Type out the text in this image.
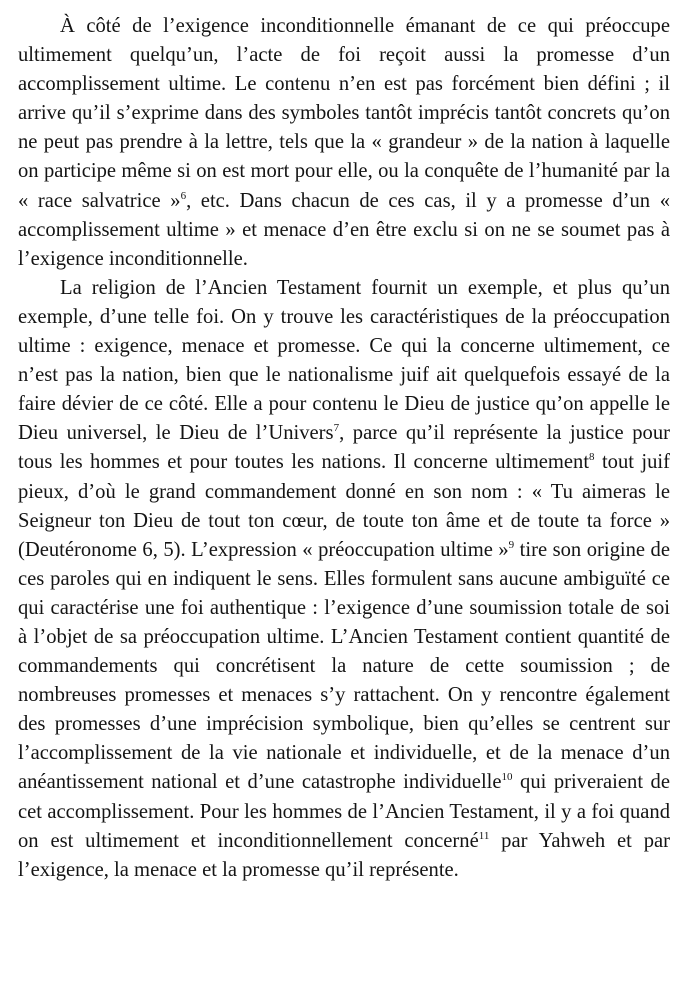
À côté de l’exigence inconditionnelle émanant de ce qui préoccupe ultimement quelqu’un, l’acte de foi reçoit aussi la promesse d’un accomplissement ultime. Le contenu n’en est pas forcément bien défini ; il arrive qu’il s’exprime dans des symboles tantôt imprécis tantôt concrets qu’on ne peut pas prendre à la lettre, tels que la « grandeur » de la nation à laquelle on participe même si on est mort pour elle, ou la conquête de l’humanité par la « race salvatrice »$^6$, etc. Dans chacun de ces cas, il y a promesse d’un « accomplissement ultime » et menace d’en être exclu si on ne se soumet pas à l’exigence inconditionnelle.

La religion de l’Ancien Testament fournit un exemple, et plus qu’un exemple, d’une telle foi. On y trouve les caractéristiques de la préoccupation ultime : exigence, menace et promesse. Ce qui la concerne ultimement, ce n’est pas la nation, bien que le nationalisme juif ait quelquefois essayé de la faire dévier de ce côté. Elle a pour contenu le Dieu de justice qu’on appelle le Dieu universel, le Dieu de l’Univers$^7$, parce qu’il représente la justice pour tous les hommes et pour toutes les nations. Il concerne ultimement$^8$ tout juif pieux, d’où le grand commandement donné en son nom : « Tu aimeras le Seigneur ton Dieu de tout ton cœur, de toute ton âme et de toute ta force » (Deutéronome 6, 5). L’expression « préoccupation ultime »$^9$ tire son origine de ces paroles qui en indiquent le sens. Elles formulent sans aucune ambiguïté ce qui caractérise une foi authentique : l’exigence d’une soumission totale de soi à l’objet de sa préoccupation ultime. L’Ancien Testament contient quantité de commandements qui concrétisent la nature de cette soumission ; de nombreuses promesses et menaces s’y rattachent. On y rencontre également des promesses d’une imprécision symbolique, bien qu’elles se centrent sur l’accomplissement de la vie nationale et individuelle, et de la menace d’un anéantissement national et d’une catastrophe individuelle$^{10}$ qui priveraient de cet accomplissement. Pour les hommes de l’Ancien Testament, il y a foi quand on est ultimement et inconditionnellement concerné$^{11}$ par Yahweh et par l’exigence, la menace et la promesse qu’il représente.
